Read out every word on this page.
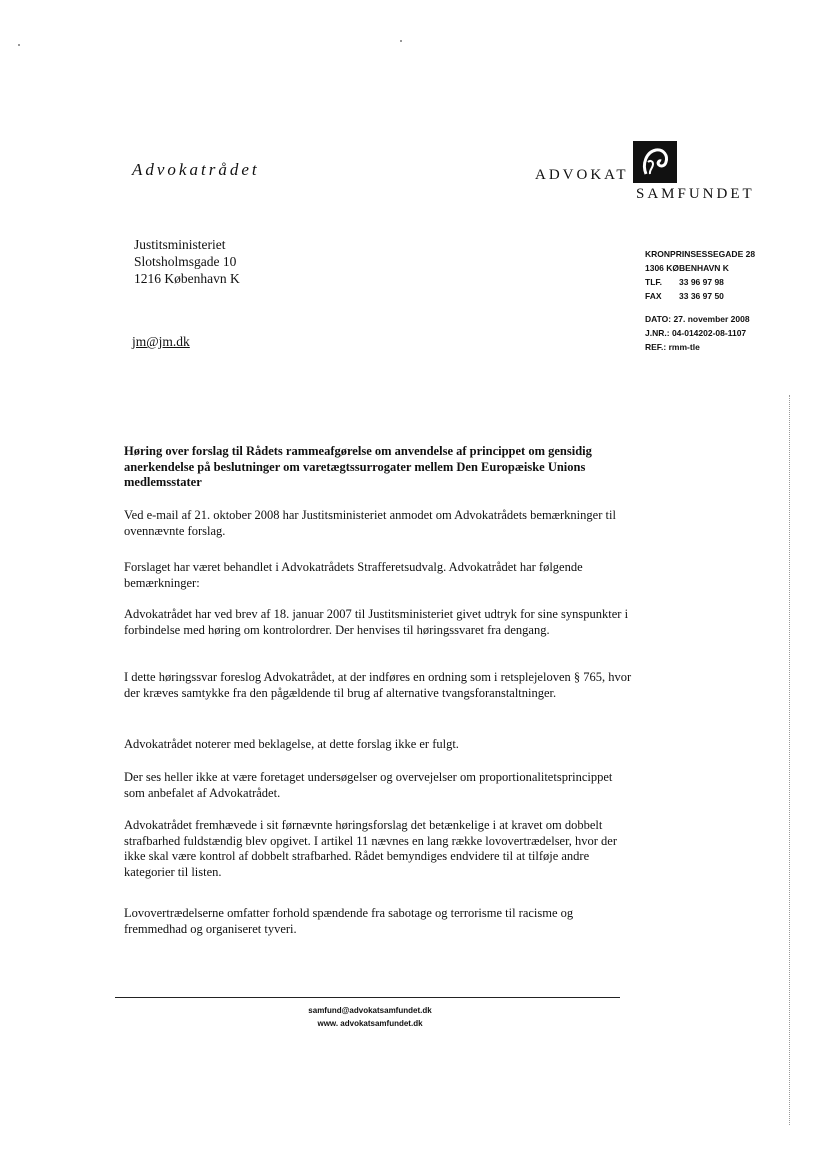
Advokatrådet	ADVOKAT
SAMFUNDET
Justitsministeriet
Slotsholmsgade 10
1216 København K
jm@jm.dk
KRONPRINSESSEGADE 28
1306 KØBENHAVN K
TLF. 33 96 97 98
FAX 33 36 97 50
DATO: 27. november 2008
J.NR.: 04-014202-08-1107
REF.: rmm-tle

Høring over forslag til Rådets rammeafgørelse om anvendelse af princippet om gensidig anerkendelse på beslutninger om varetægtssurrogater mellem Den Europæiske Unions medlemsstater

Ved e-mail af 21. oktober 2008 har Justitsministeriet anmodet om Advokatrådets bemærkninger til ovennævnte forslag.

Forslaget har været behandlet i Advokatrådets Strafferetsudvalg. Advokatrådet har følgende bemærkninger:

Advokatrådet har ved brev af 18. januar 2007 til Justitsministeriet givet udtryk for sine synspunkter i forbindelse med høring om kontrolordrer. Der henvises til høringssvaret fra dengang.

I dette høringssvar foreslog Advokatrådet, at der indføres en ordning som i retsplejeloven § 765, hvor der kræves samtykke fra den pågældende til brug af alternative tvangsforanstaltninger.

Advokatrådet noterer med beklagelse, at dette forslag ikke er fulgt.

Der ses heller ikke at være foretaget undersøgelser og overvejelser om proportionalitetsprincippet som anbefalet af Advokatrådet.

Advokatrådet fremhævede i sit førnævnte høringsforslag det betænkelige i at kravet om dobbelt strafbarhed fuldstændig blev opgivet. I artikel 11 nævnes en lang række lovovertrædelser, hvor der ikke skal være kontrol af dobbelt strafbarhed. Rådet bemyndiges endvidere til at tilføje andre kategorier til listen.

Lovovertrædelserne omfatter forhold spændende fra sabotage og terrorisme til racisme og fremmedhad og organiseret tyveri.

samfund@advokatsamfundet.dk
www. advokatsamfundet.dk
